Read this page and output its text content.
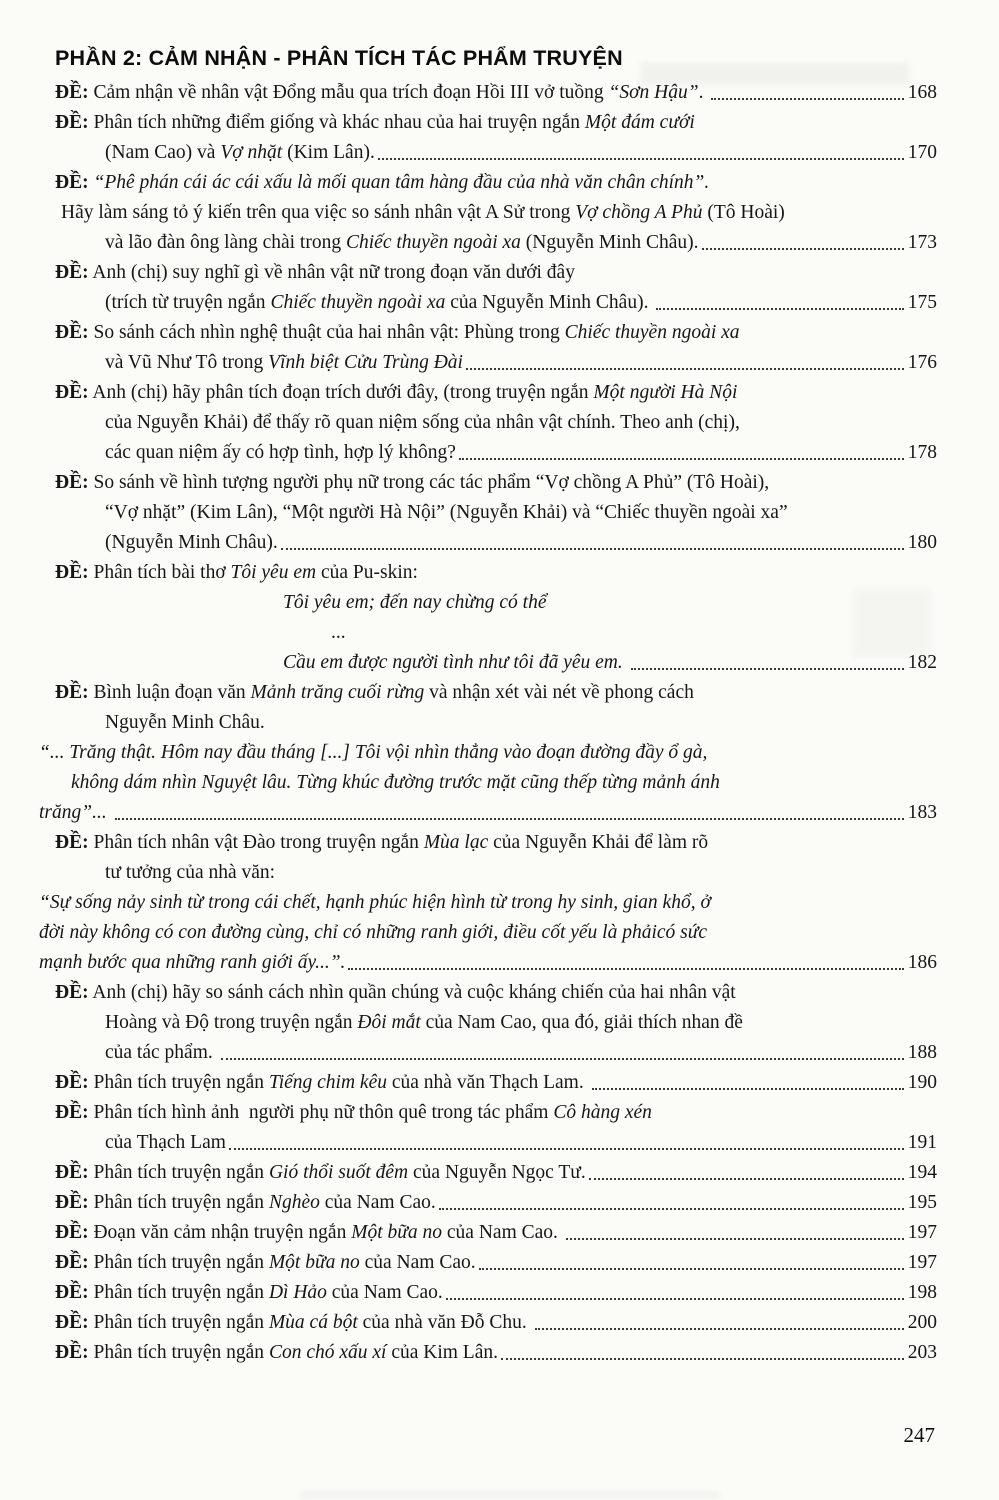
PHẦN 2: CẢM NHẬN - PHÂN TÍCH TÁC PHẨM TRUYỆN
ĐỀ: Cảm nhận về nhân vật Đổng mẫu qua trích đoạn Hồi III vở tuồng “Sơn Hậu”.	168
ĐỀ: Phân tích những điểm giống và khác nhau của hai truyện ngắn Một đám cưới
(Nam Cao) và Vợ nhặt (Kim Lân).	170
ĐỀ: “Phê phán cái ác cái xấu là mối quan tâm hàng đầu của nhà văn chân chính”.
Hãy làm sáng tỏ ý kiến trên qua việc so sánh nhân vật A Sử trong Vợ chồng A Phủ (Tô Hoài)
và lão đàn ông làng chài trong Chiếc thuyền ngoài xa (Nguyễn Minh Châu).	173
ĐỀ: Anh (chị) suy nghĩ gì về nhân vật nữ trong đoạn văn dưới đây
(trích từ truyện ngắn Chiếc thuyền ngoài xa của Nguyễn Minh Châu).	175
ĐỀ: So sánh cách nhìn nghệ thuật của hai nhân vật: Phùng trong Chiếc thuyền ngoài xa
và Vũ Như Tô trong Vĩnh biệt Cửu Trùng Đài	176
ĐỀ: Anh (chị) hãy phân tích đoạn trích dưới đây, (trong truyện ngắn Một người Hà Nội
của Nguyễn Khải) để thấy rõ quan niệm sống của nhân vật chính. Theo anh (chị),
các quan niệm ấy có hợp tình, hợp lý không?	178
ĐỀ: So sánh về hình tượng người phụ nữ trong các tác phẩm “Vợ chồng A Phủ” (Tô Hoài),
“Vợ nhặt” (Kim Lân), “Một người Hà Nội” (Nguyễn Khải) và “Chiếc thuyền ngoài xa”
(Nguyễn Minh Châu).	180
ĐỀ: Phân tích bài thơ Tôi yêu em của Pu-skin:
Tôi yêu em; đến nay chừng có thể
...
Cầu em được người tình như tôi đã yêu em.	182
ĐỀ: Bình luận đoạn văn Mảnh trăng cuối rừng và nhận xét vài nét về phong cách
Nguyễn Minh Châu.
“... Trăng thật. Hôm nay đầu tháng [...] Tôi vội nhìn thẳng vào đoạn đường đầy ổ gà,
không dám nhìn Nguyệt lâu. Từng khúc đường trước mặt cũng thếp từng mảnh ánh
trăng”...	183
ĐỀ: Phân tích nhân vật Đào trong truyện ngắn Mùa lạc của Nguyễn Khải để làm rõ
tư tưởng của nhà văn:
“Sự sống nảy sinh từ trong cái chết, hạnh phúc hiện hình từ trong hy sinh, gian khổ, ở
đời này không có con đường cùng, chỉ có những ranh giới, điều cốt yếu là phảicó sức
mạnh bước qua những ranh giới ấy...”.	186
ĐỀ: Anh (chị) hãy so sánh cách nhìn quần chúng và cuộc kháng chiến của hai nhân vật
Hoàng và Độ trong truyện ngắn Đôi mắt của Nam Cao, qua đó, giải thích nhan đề
của tác phẩm.	188
ĐỀ: Phân tích truyện ngắn Tiếng chim kêu của nhà văn Thạch Lam.	190
ĐỀ: Phân tích hình ảnh  người phụ nữ thôn quê trong tác phẩm Cô hàng xén
của Thạch Lam	191
ĐỀ: Phân tích truyện ngắn Gió thổi suốt đêm của Nguyễn Ngọc Tư.	194
ĐỀ: Phân tích truyện ngắn Nghèo của Nam Cao.	195
ĐỀ: Đoạn văn cảm nhận truyện ngắn Một bữa no của Nam Cao.	197
ĐỀ: Phân tích truyện ngắn Một bữa no của Nam Cao.	197
ĐỀ: Phân tích truyện ngắn Dì Hảo của Nam Cao.	198
ĐỀ: Phân tích truyện ngắn Mùa cá bột của nhà văn Đỗ Chu.	200
ĐỀ: Phân tích truyện ngắn Con chó xấu xí của Kim Lân.	203
247
